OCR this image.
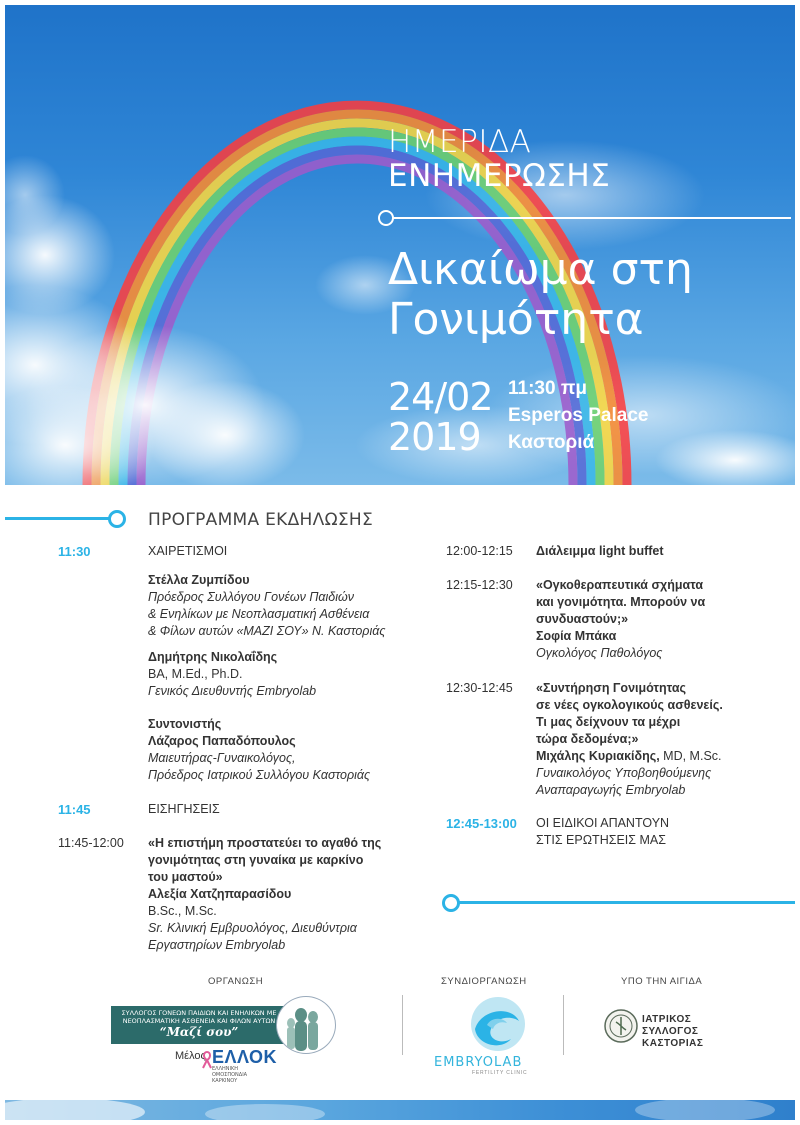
ΗΜΕΡΙΔΑ
ΕΝΗΜΕΡΩΣΗΣ
Δικαίωμα στη
Γονιμότητα
24/02
2019
11:30 πμ
Esperos Palace
Καστοριά
ΠΡΟΓΡΑΜΜΑ ΕΚΔΗΛΩΣΗΣ
11:30	ΧΑΙΡΕΤΙΣΜΟΙ
Στέλλα Ζυμπίδου
Πρόεδρος Συλλόγου Γονέων Παιδιών
& Ενηλίκων με Νεοπλασματική Ασθένεια
& Φίλων αυτών «ΜΑΖΙ ΣΟΥ» Ν. Καστοριάς
Δημήτρης Νικολαΐδης
BA, M.Ed., Ph.D.
Γενικός Διευθυντής Embryolab
Συντονιστής
Λάζαρος Παπαδόπουλος
Μαιευτήρας-Γυναικολόγος,
Πρόεδρος Ιατρικού Συλλόγου Καστοριάς
11:45	ΕΙΣΗΓΗΣΕΙΣ
11:45-12:00 «Η επιστήμη προστατεύει το αγαθό της
γονιμότητας στη γυναίκα με καρκίνο
του μαστού»
Αλεξία Χατζηπαρασίδου
B.Sc., M.Sc.
Sr. Κλινική Εμβρυολόγος, Διευθύντρια
Εργαστηρίων Embryolab
12:00-12:15 Διάλειμμα light buffet
12:15-12:30 «Ογκοθεραπευτικά σχήματα
και γονιμότητα. Μπορούν να
συνδυαστούν;»
Σοφία Μπάκα
Ογκολόγος Παθολόγος
12:30-12:45 «Συντήρηση Γονιμότητας
σε νέες ογκολογικούς ασθενείς.
Τι μας δείχνουν τα μέχρι
τώρα δεδομένα;»
Μιχάλης Κυριακίδης, MD, M.Sc.
Γυναικολόγος Υποβοηθούμενης
Αναπαραγωγής Embryolab
12:45-13:00 ΟΙ ΕΙΔΙΚΟΙ ΑΠΑΝΤΟΥΝ
ΣΤΙΣ ΕΡΩΤΗΣΕΙΣ ΜΑΣ
ΟΡΓΑΝΩΣΗ	ΣΥΝΔΙΟΡΓΑΝΩΣΗ	ΥΠΟ ΤΗΝ ΑΙΓΙΔΑ
ΣΥΛΛΟΓΟΣ ΓΟΝΕΩΝ ΠΑΙΔΙΩΝ ΚΑΙ ΕΝΗΛΙΚΩΝ ΜΕ
ΝΕΟΠΛΑΣΜΑΤΙΚΗ ΑΣΘΕΝΕΙΑ ΚΑΙ ΦΙΛΩΝ ΑΥΤΩΝ
“Μαζί σου”
Μέλος ΕΛΛΟΚ
ΕΛΛΗΝΙΚΗ
ΟΜΟΣΠΟΝΔΙΑ
ΚΑΡΚΙΝΟΥ
EMBRYOLAB
FERTILITY CLINIC
ΙΑΤΡΙΚΟΣ
ΣΥΛΛΟΓΟΣ
ΚΑΣΤΟΡΙΑΣ
